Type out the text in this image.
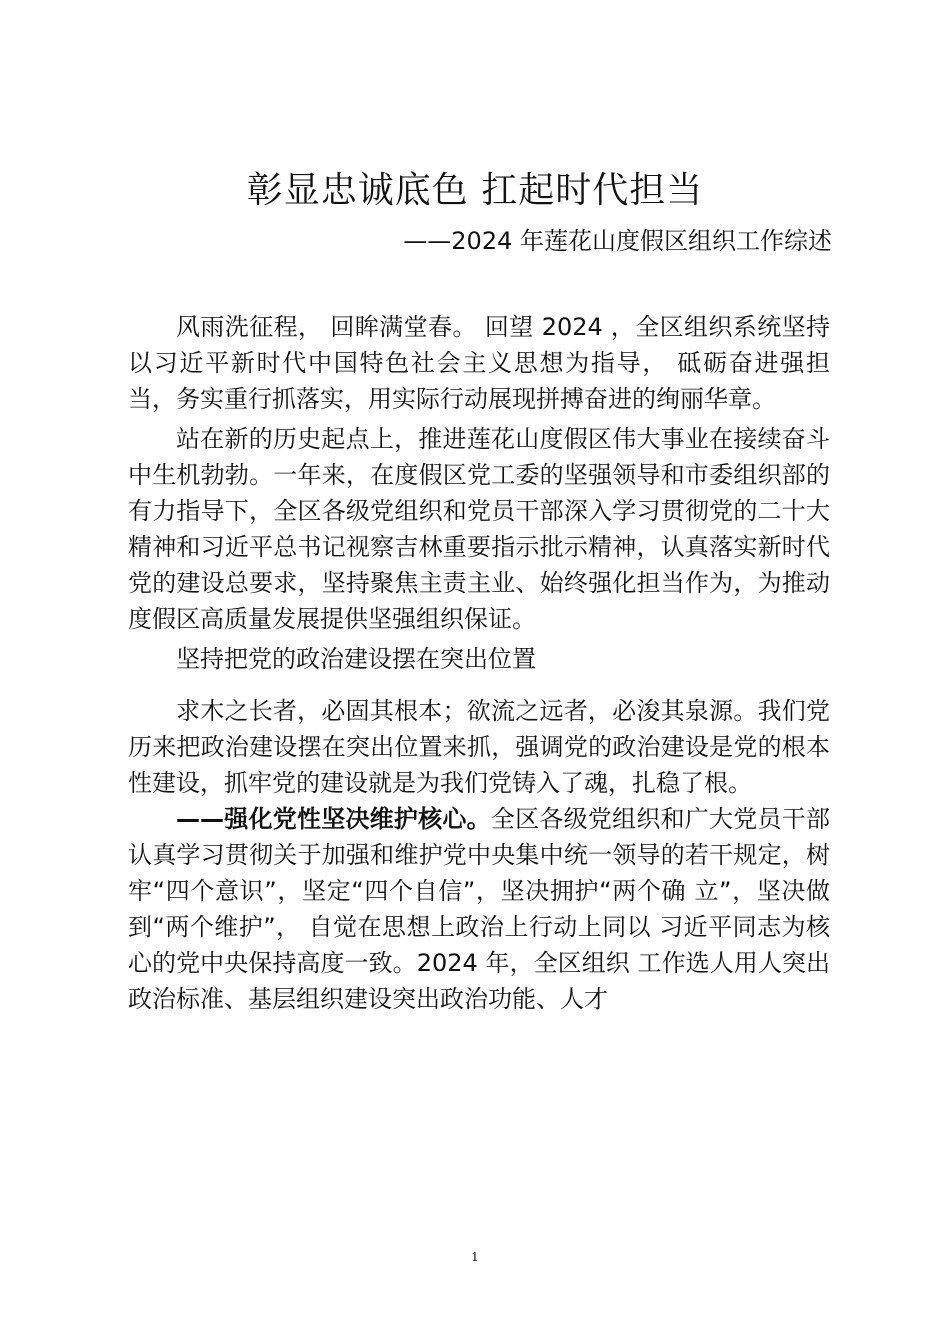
彰显忠诚底色 扛起时代担当
——2024 年莲花山度假区组织工作综述

风雨洗征程， 回眸满堂春。 回望 2024 ，全区组织系统坚持 以习近平新时代中国特色社会主义思想为指导， 砥砺奋进强担 当，务实重行抓落实，用实际行动展现拼搏奋进的绚丽华章。

站在新的历史起点上，推进莲花山度假区伟大事业在接续奋斗中生机勃勃。一年来，在度假区党工委的坚强领导和市委组织部的有力指导下，全区各级党组织和党员干部深入学习贯彻党的二十大精神和习近平总书记视察吉林重要指示批示精神，认真落实新时代党的建设总要求，坚持聚焦主责主业、始终强化担当作为，为推动度假区高质量发展提供坚强组织保证。

坚持把党的政治建设摆在突出位置

求木之长者，必固其根本；欲流之远者，必浚其泉源。我们党历来把政治建设摆在突出位置来抓，强调党的政治建设是党的根本性建设，抓牢党的建设就是为我们党铸入了魂，扎稳了根。

——强化党性坚决维护核心。全区各级党组织和广大党员干部认真学习贯彻关于加强和维护党中央集中统一领导的若干规定，树牢“四个意识”，坚定“四个自信”，坚决拥护“两个确 立”，坚决做到“两个维护”， 自觉在思想上政治上行动上同以 习近平同志为核心的党中央保持高度一致。2024 年，全区组织 工作选人用人突出政治标准、基层组织建设突出政治功能、人才

1
